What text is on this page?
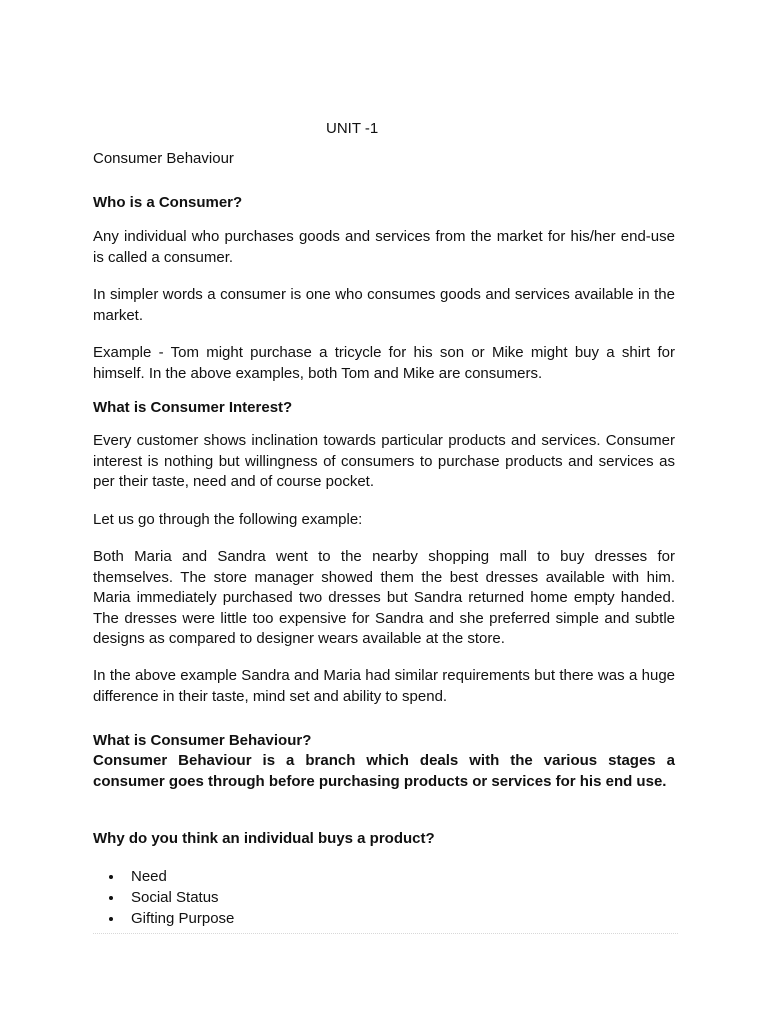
UNIT -1

Consumer Behaviour

Who is a Consumer?

Any individual who purchases goods and services from the market for his/her end-use is called a consumer.

In simpler words a consumer is one who consumes goods and services available in the market.

Example - Tom might purchase a tricycle for his son or Mike might buy a shirt for himself. In the above examples, both Tom and Mike are consumers.

What is Consumer Interest?

Every customer shows inclination towards particular products and services. Consumer interest is nothing but willingness of consumers to purchase products and services as per their taste, need and of course pocket.

Let us go through the following example:

Both Maria and Sandra went to the nearby shopping mall to buy dresses for themselves. The store manager showed them the best dresses available with him. Maria immediately purchased two dresses but Sandra returned home empty handed. The dresses were little too expensive for Sandra and she preferred simple and subtle designs as compared to designer wears available at the store.

In the above example Sandra and Maria had similar requirements but there was a huge difference in their taste, mind set and ability to spend.

What is Consumer Behaviour?

Consumer Behaviour is a branch which deals with the various stages a consumer goes through before purchasing products or services for his end use.

Why do you think an individual buys a product?

Need
Social Status
Gifting Purpose
